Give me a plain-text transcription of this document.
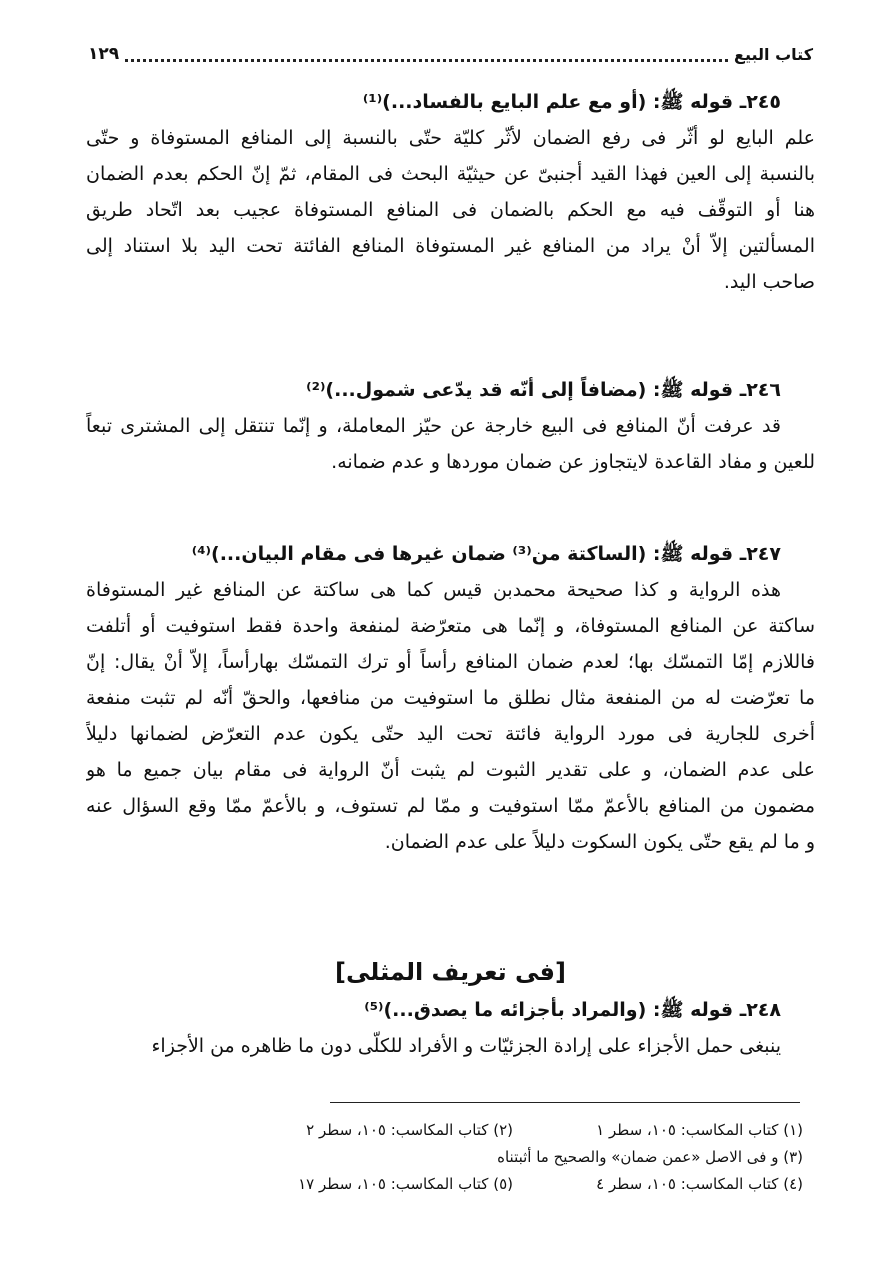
كتاب البيع
١٢٩
٢٤٥ـ قوله ﷺ: (أو مع علم البايع بالفساد...)⁽¹⁾
علم البايع لو أثّر فى رفع الضمان لأثّر كليّة حتّى بالنسبة إلى المنافع المستوفاة و حتّى
بالنسبة إلى العين فهذا القيد أجنبىّ عن حيثيّة البحث فى المقام، ثمّ إنّ الحكم بعدم الضمان
هنا أو التوقّف فيه مع الحكم بالضمان فى المنافع المستوفاة عجيب بعد اتّحاد طريق
المسألتين إلاّ أنْ يراد من المنافع غير المستوفاة المنافع الفائتة تحت اليد بلا استناد إلى
صاحب اليد.
٢٤٦ـ قوله ﷺ: (مضافاً إلى أنّه قد يدّعى شمول...)⁽²⁾
قد عرفت أنّ المنافع فى البيع خارجة عن حيّز المعاملة، و إنّما تنتقل إلى المشترى تبعاً
للعين و مفاد القاعدة لايتجاوز عن ضمان موردها و عدم ضمانه.
٢٤٧ـ قوله ﷺ: (الساكتة من⁽³⁾ ضمان غيرها فى مقام البيان...)⁽⁴⁾
هذه الرواية و كذا صحيحة محمدبن قيس كما هى ساكتة عن المنافع غير المستوفاة
ساكتة عن المنافع المستوفاة، و إنّما هى متعرّضة لمنفعة واحدة فقط استوفيت أو أتلفت
فاللازم إمّا التمسّك بها؛ لعدم ضمان المنافع رأساً أو ترك التمسّك بهارأساً، إلاّ أنْ يقال: إنّ
ما تعرّضت له من المنفعة مثال نطلق ما استوفيت من منافعها، والحقّ أنّه لم تثبت منفعة
أخرى للجارية فى مورد الرواية فائتة تحت اليد حتّى يكون عدم التعرّض لضمانها دليلاً
على عدم الضمان، و على تقدير الثبوت لم يثبت أنّ الرواية فى مقام بيان جميع ما هو
مضمون من المنافع بالأعمّ ممّا استوفيت و ممّا لم تستوف، و بالأعمّ ممّا وقع السؤال عنه
و ما لم يقع حتّى يكون السكوت دليلاً على عدم الضمان.
[فى تعريف المثلى]
٢٤٨ـ قوله ﷺ: (والمراد بأجزائه ما يصدق...)⁽⁵⁾
ينبغى حمل الأجزاء على إرادة الجزئيّات و الأفراد للكلّى دون ما ظاهره من الأجزاء
(١) كتاب المكاسب: ١٠٥، سطر ١
(٢) كتاب المكاسب: ١٠٥، سطر ٢
(٣) و فى الاصل «عمن ضمان» والصحيح ما أثبتناه
(٤) كتاب المكاسب: ١٠٥، سطر ٤
(٥) كتاب المكاسب: ١٠٥، سطر ١٧
